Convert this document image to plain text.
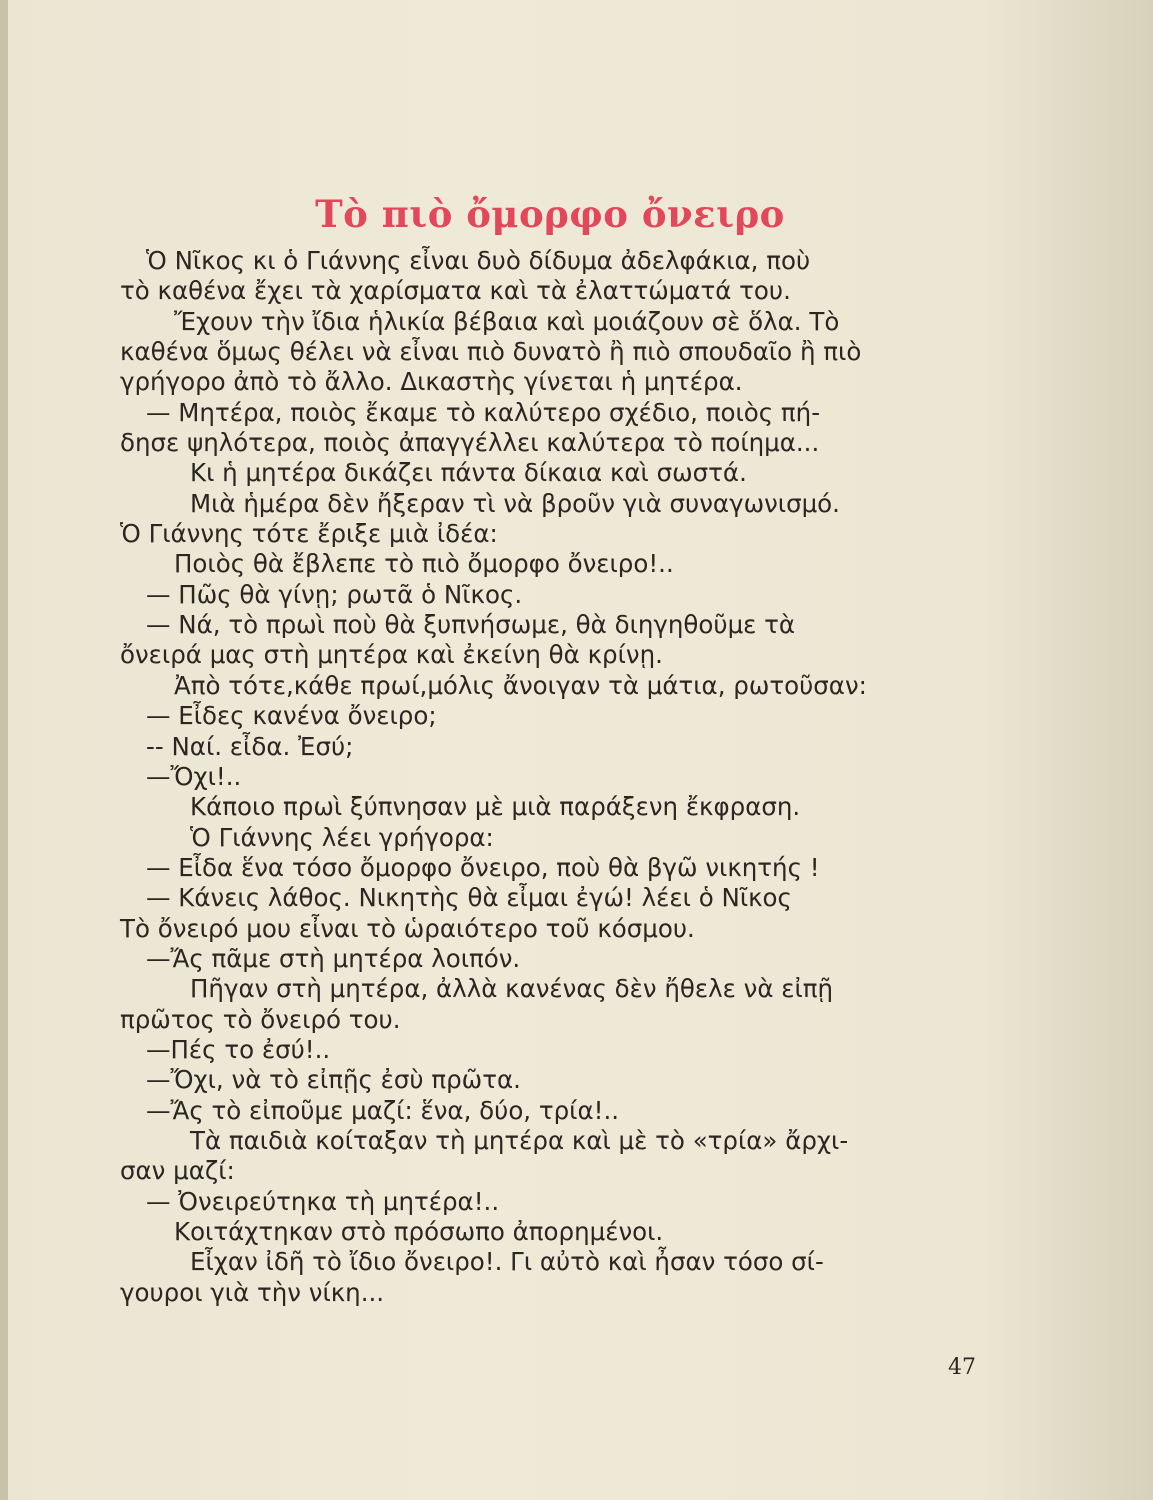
Τὸ πιὸ ὄμορφο ὄνειρο
Ὁ Νῖκος κι ὁ Γιάννης εἶναι δυὸ δίδυμα ἀδελφάκια, ποὺ
τὸ καθένα ἔχει τὰ χαρίσματα καὶ τὰ ἐλαττώματά του.
Ἔχουν τὴν ἴδια ἡλικία βέβαια καὶ μοιάζουν σὲ ὅλα. Τὸ
καθένα ὅμως θέλει νὰ εἶναι πιὸ δυνατὸ ἢ πιὸ σπουδαῖο ἢ πιὸ
γρήγορο ἀπὸ τὸ ἄλλο. Δικαστὴς γίνεται ἡ μητέρα.
— Μητέρα, ποιὸς ἔκαμε τὸ καλύτερο σχέδιο, ποιὸς πή-
δησε ψηλότερα, ποιὸς ἀπαγγέλλει καλύτερα τὸ ποίημα...
Κι ἡ μητέρα δικάζει πάντα δίκαια καὶ σωστά.
Μιὰ ἡμέρα δὲν ἤξεραν τὶ νὰ βροῦν γιὰ συναγωνισμό.
Ὁ Γιάννης τότε ἔριξε μιὰ ἰδέα:
Ποιὸς θὰ ἔβλεπε τὸ πιὸ ὄμορφο ὄνειρο!..
— Πῶς θὰ γίνῃ; ρωτᾶ ὁ Νῖκος.
— Νά, τὸ πρωὶ ποὺ θὰ ξυπνήσωμε, θὰ διηγηθοῦμε τὰ
ὄνειρά μας στὴ μητέρα καὶ ἐκείνη θὰ κρίνῃ.
Ἀπὸ τότε,κάθε πρωί,μόλις ἄνοιγαν τὰ μάτια, ρωτοῦσαν:
— Εἶδες κανένα ὄνειρο;
-- Ναί. εἶδα. Ἐσύ;
—Ὄχι!..
Κάποιο πρωὶ ξύπνησαν μὲ μιὰ παράξενη ἔκφραση.
Ὁ Γιάννης λέει γρήγορα:
— Εἶδα ἕνα τόσο ὄμορφο ὄνειρο, ποὺ θὰ βγῶ νικητής !
— Κάνεις λάθος. Νικητὴς θὰ εἶμαι ἐγώ! λέει ὁ Νῖκος
Τὸ ὄνειρό μου εἶναι τὸ ὡραιότερο τοῦ κόσμου.
—Ἄς πᾶμε στὴ μητέρα λοιπόν.
Πῆγαν στὴ μητέρα, ἀλλὰ κανένας δὲν ἤθελε νὰ εἰπῇ
πρῶτος τὸ ὄνειρό του.
—Πές το ἐσύ!..
—Ὄχι, νὰ τὸ εἰπῇς ἐσὺ πρῶτα.
—Ἄς τὸ εἰποῦμε μαζί: ἕνα, δύο, τρία!..
Τὰ παιδιὰ κοίταξαν τὴ μητέρα καὶ μὲ τὸ «τρία» ἄρχι-
σαν μαζί:
— Ὀνειρεύτηκα τὴ μητέρα!..
Κοιτάχτηκαν στὸ πρόσωπο ἀπορημένοι.
Εἶχαν ἰδῆ τὸ ἴδιο ὄνειρο!. Γι αὐτὸ καὶ ἦσαν τόσο σί-
γουροι γιὰ τὴν νίκη...
47
